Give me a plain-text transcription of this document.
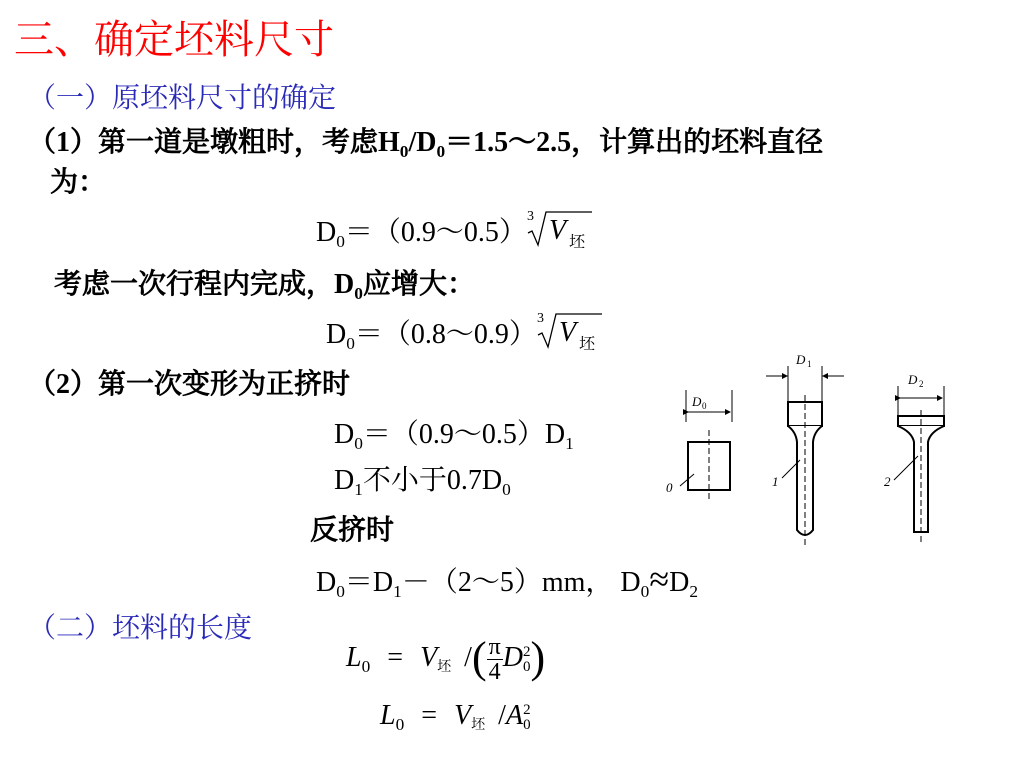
三、确定坯料尺寸
（一）原坯料尺寸的确定
（1）第一道是墩粗时，考虑$H_0/D_0=1.5\sim 2.5$，计算出的坯料直径
为：
$D_0=(0.9\sim 0.5)$
3 V 坯
考虑一次行程内完成，$D_0$应增大：
$D_0=(0.8\sim 0.9)$
3 V 坯
（2）第一次变形为正挤时
$D_0=(0.9\sim 0.5)D_1$
$D_1$不小于$0.7D_0$
反挤时
$D_0=D_1-(2\sim 5)mm$， $D_0\approx D_2$
（二）坯料的长度
$L_0 = V_坯$ /( $\frac{\pi}{4}$ D 2
0 )
$L_0 = V_坯$ /A 2
0
D 0
0
D 1
1
D 2
2
